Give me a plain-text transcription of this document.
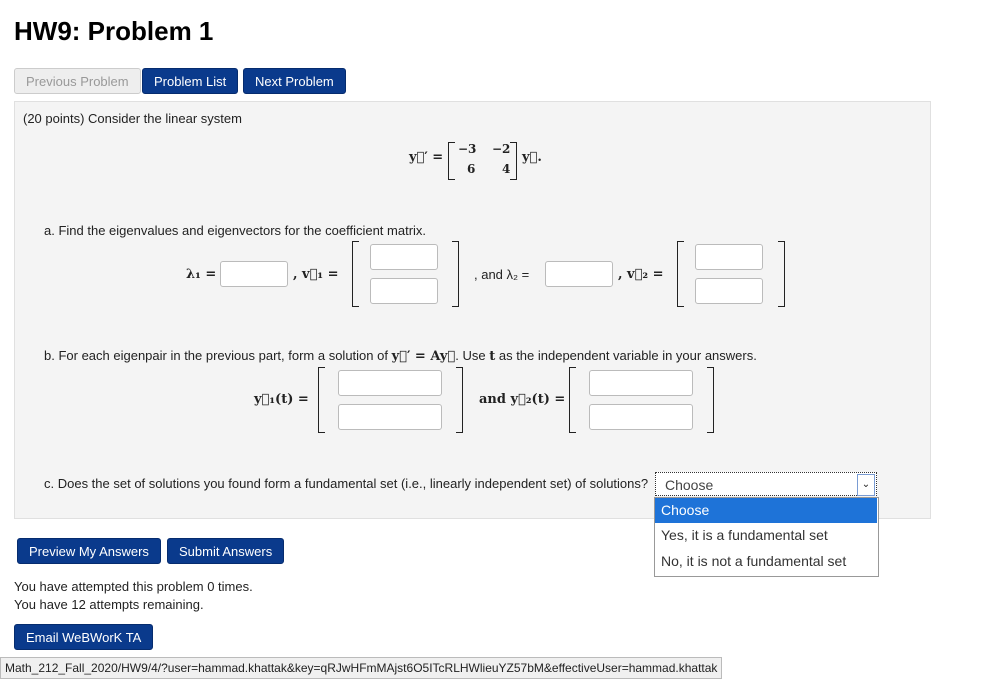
HW9: Problem 1
Previous Problem	Problem List	Next Problem
(20 points) Consider the linear system
y⃗′ =
−3 −2
6 4
y⃗.
a. Find the eigenvalues and eigenvectors for the coefficient matrix.
λ₁ =	, v⃗₁ =	, and λ₂ =	, v⃗₂ =
b. For each eigenpair in the previous part, form a solution of y⃗′ = Ay⃗. Use t as the independent variable in your answers.
y⃗₁(t) =	and y⃗₂(t) =
c. Does the set of solutions you found form a fundamental set (i.e., linearly independent set) of solutions? Choose	⌄
Choose
Yes, it is a fundamental set
No, it is not a fundamental set
Preview My Answers	Submit Answers
You have attempted this problem 0 times.
You have 12 attempts remaining.
Email WeBWorK TA
Math_212_Fall_2020/HW9/4/?user=hammad.khattak&key=qRJwHFmMAjst6O5ITcRLHWlieuYZ57bM&effectiveUser=hammad.khattak
